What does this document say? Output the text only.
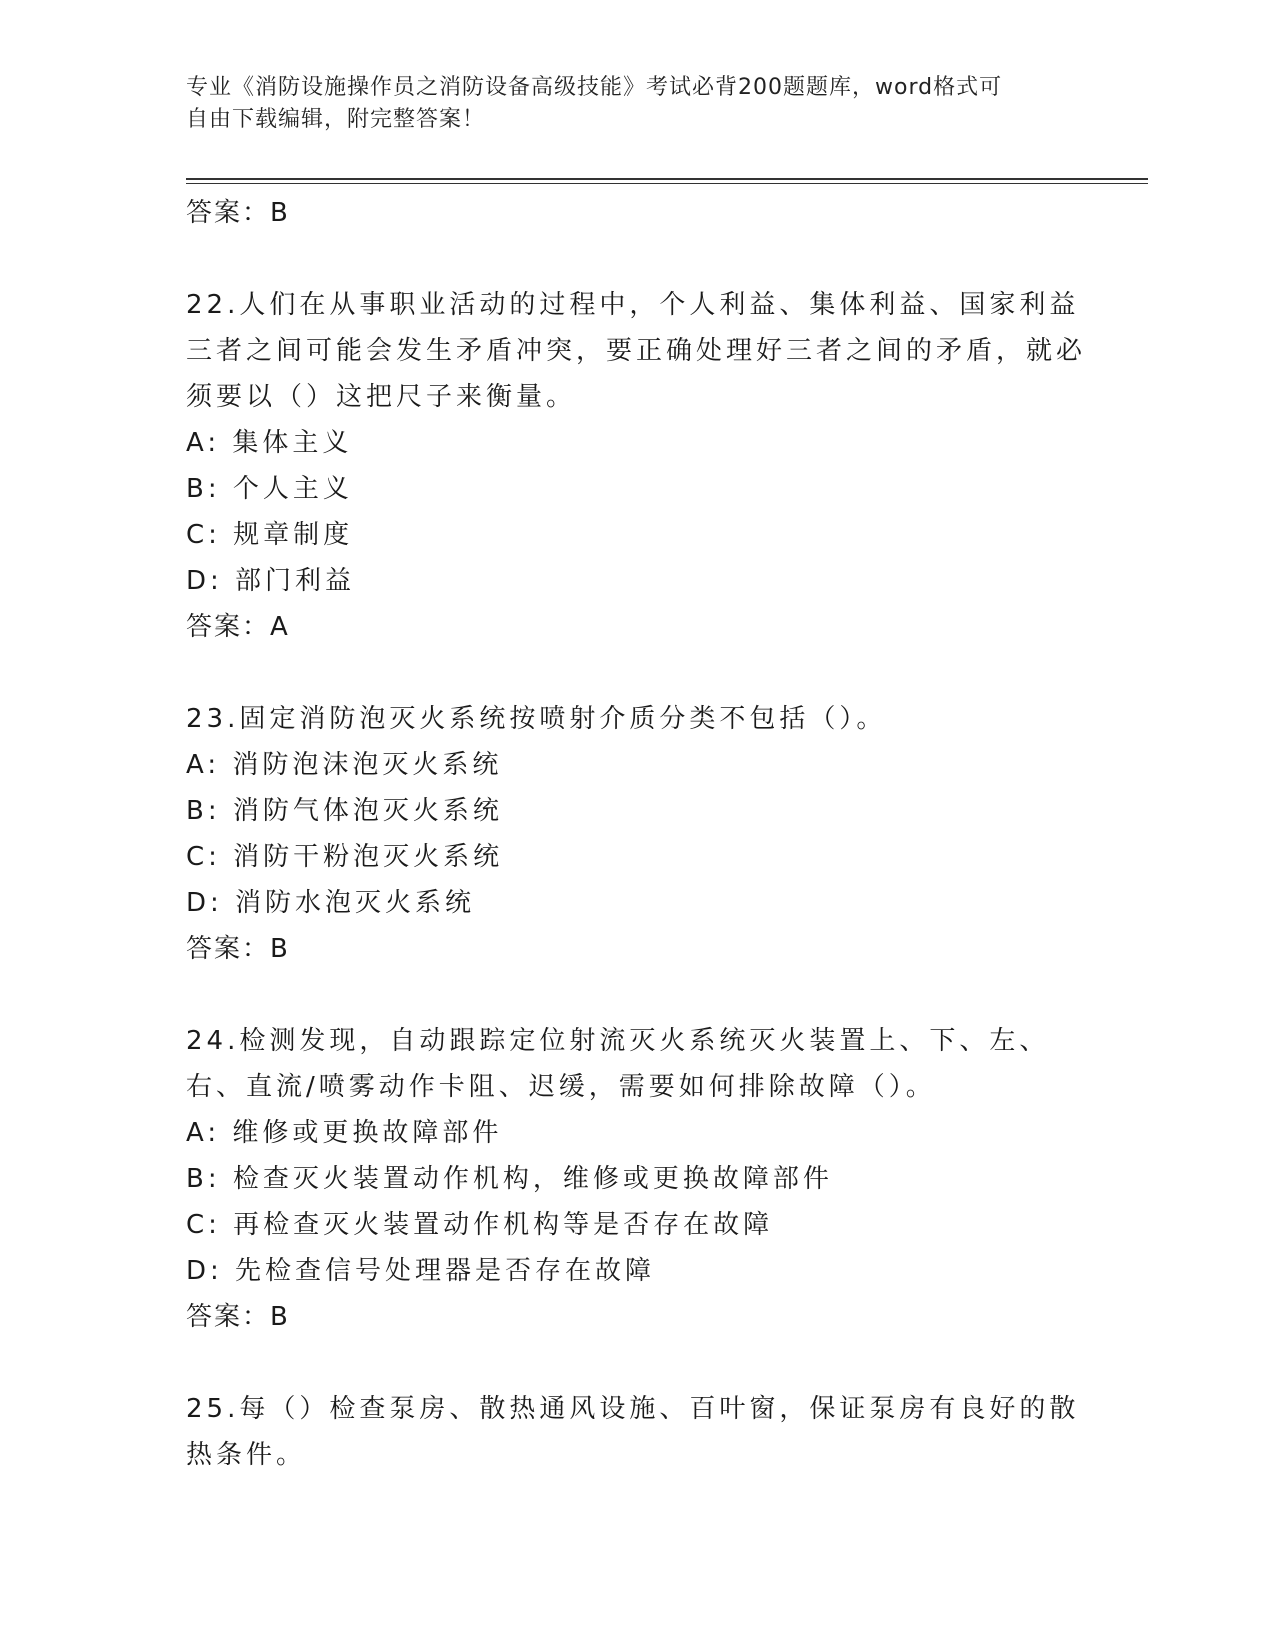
专业《消防设施操作员之消防设备高级技能》考试必背200题题库，word格式可
自由下载编辑，附完整答案！
答案：B
22.人们在从事职业活动的过程中，个人利益、集体利益、国家利益三者之间可能会发生矛盾冲突，要正确处理好三者之间的矛盾，就必须要以（）这把尺子来衡量。
A: 集体主义
B: 个人主义
C: 规章制度
D: 部门利益
答案：A
23.固定消防泡灭火系统按喷射介质分类不包括（）。
A: 消防泡沫泡灭火系统
B: 消防气体泡灭火系统
C: 消防干粉泡灭火系统
D: 消防水泡灭火系统
答案：B
24.检测发现，自动跟踪定位射流灭火系统灭火装置上、下、左、右、直流/喷雾动作卡阻、迟缓，需要如何排除故障（）。
A: 维修或更换故障部件
B: 检查灭火装置动作机构，维修或更换故障部件
C: 再检查灭火装置动作机构等是否存在故障
D: 先检查信号处理器是否存在故障
答案：B
25.每（）检查泵房、散热通风设施、百叶窗，保证泵房有良好的散热条件。
